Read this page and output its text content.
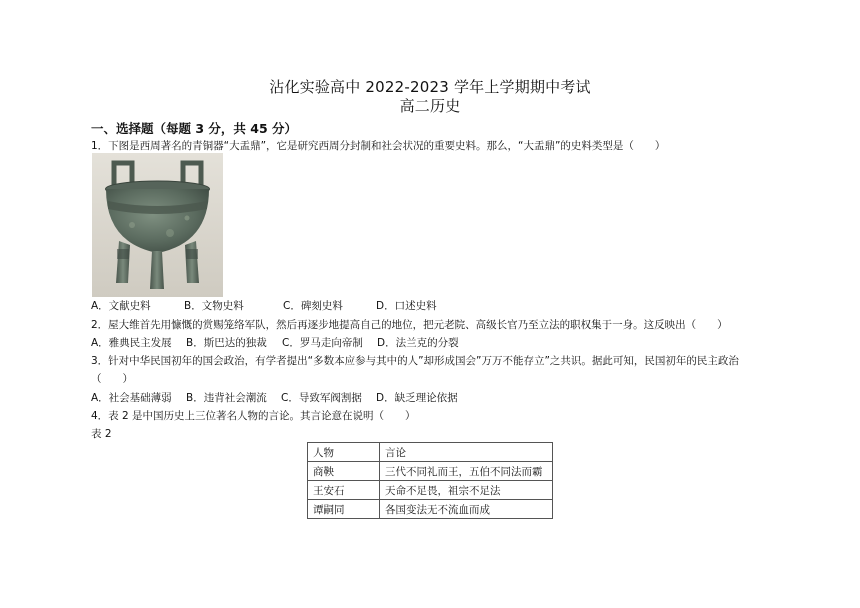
沾化实验高中 2022-2023 学年上学期期中考试
高二历史
一、选择题（每题 3 分，共 45 分）
1．下图是西周著名的青铜器“大盂鼎”，它是研究西周分封制和社会状况的重要史料。那么，“大盂鼎”的史料类型是（　　）
A．文献史料	B．文物史料	C．碑刻史料	D．口述史料
2．屋大维首先用慷慨的赏赐笼络军队，然后再逐步地提高自己的地位，把元老院、高级长官乃至立法的职权集于一身。这反映出（　　）
A．雅典民主发展 B．斯巴达的独裁 C．罗马走向帝制 D．法兰克的分裂
3．针对中华民国初年的国会政治，有学者提出“多数本应参与其中的人”却形成国会”万万不能存立”之共识。据此可知，民国初年的民主政治
（　　）
A．社会基础薄弱 B．违背社会潮流 C．导致军阀割据 D．缺乏理论依据
4．表 2 是中国历史上三位著名人物的言论。其言论意在说明（　　）
表 2
人物	言论
商鞅	三代不同礼而王，五伯不同法而霸
王安石	天命不足畏，祖宗不足法
谭嗣同	各国变法无不流血而成
